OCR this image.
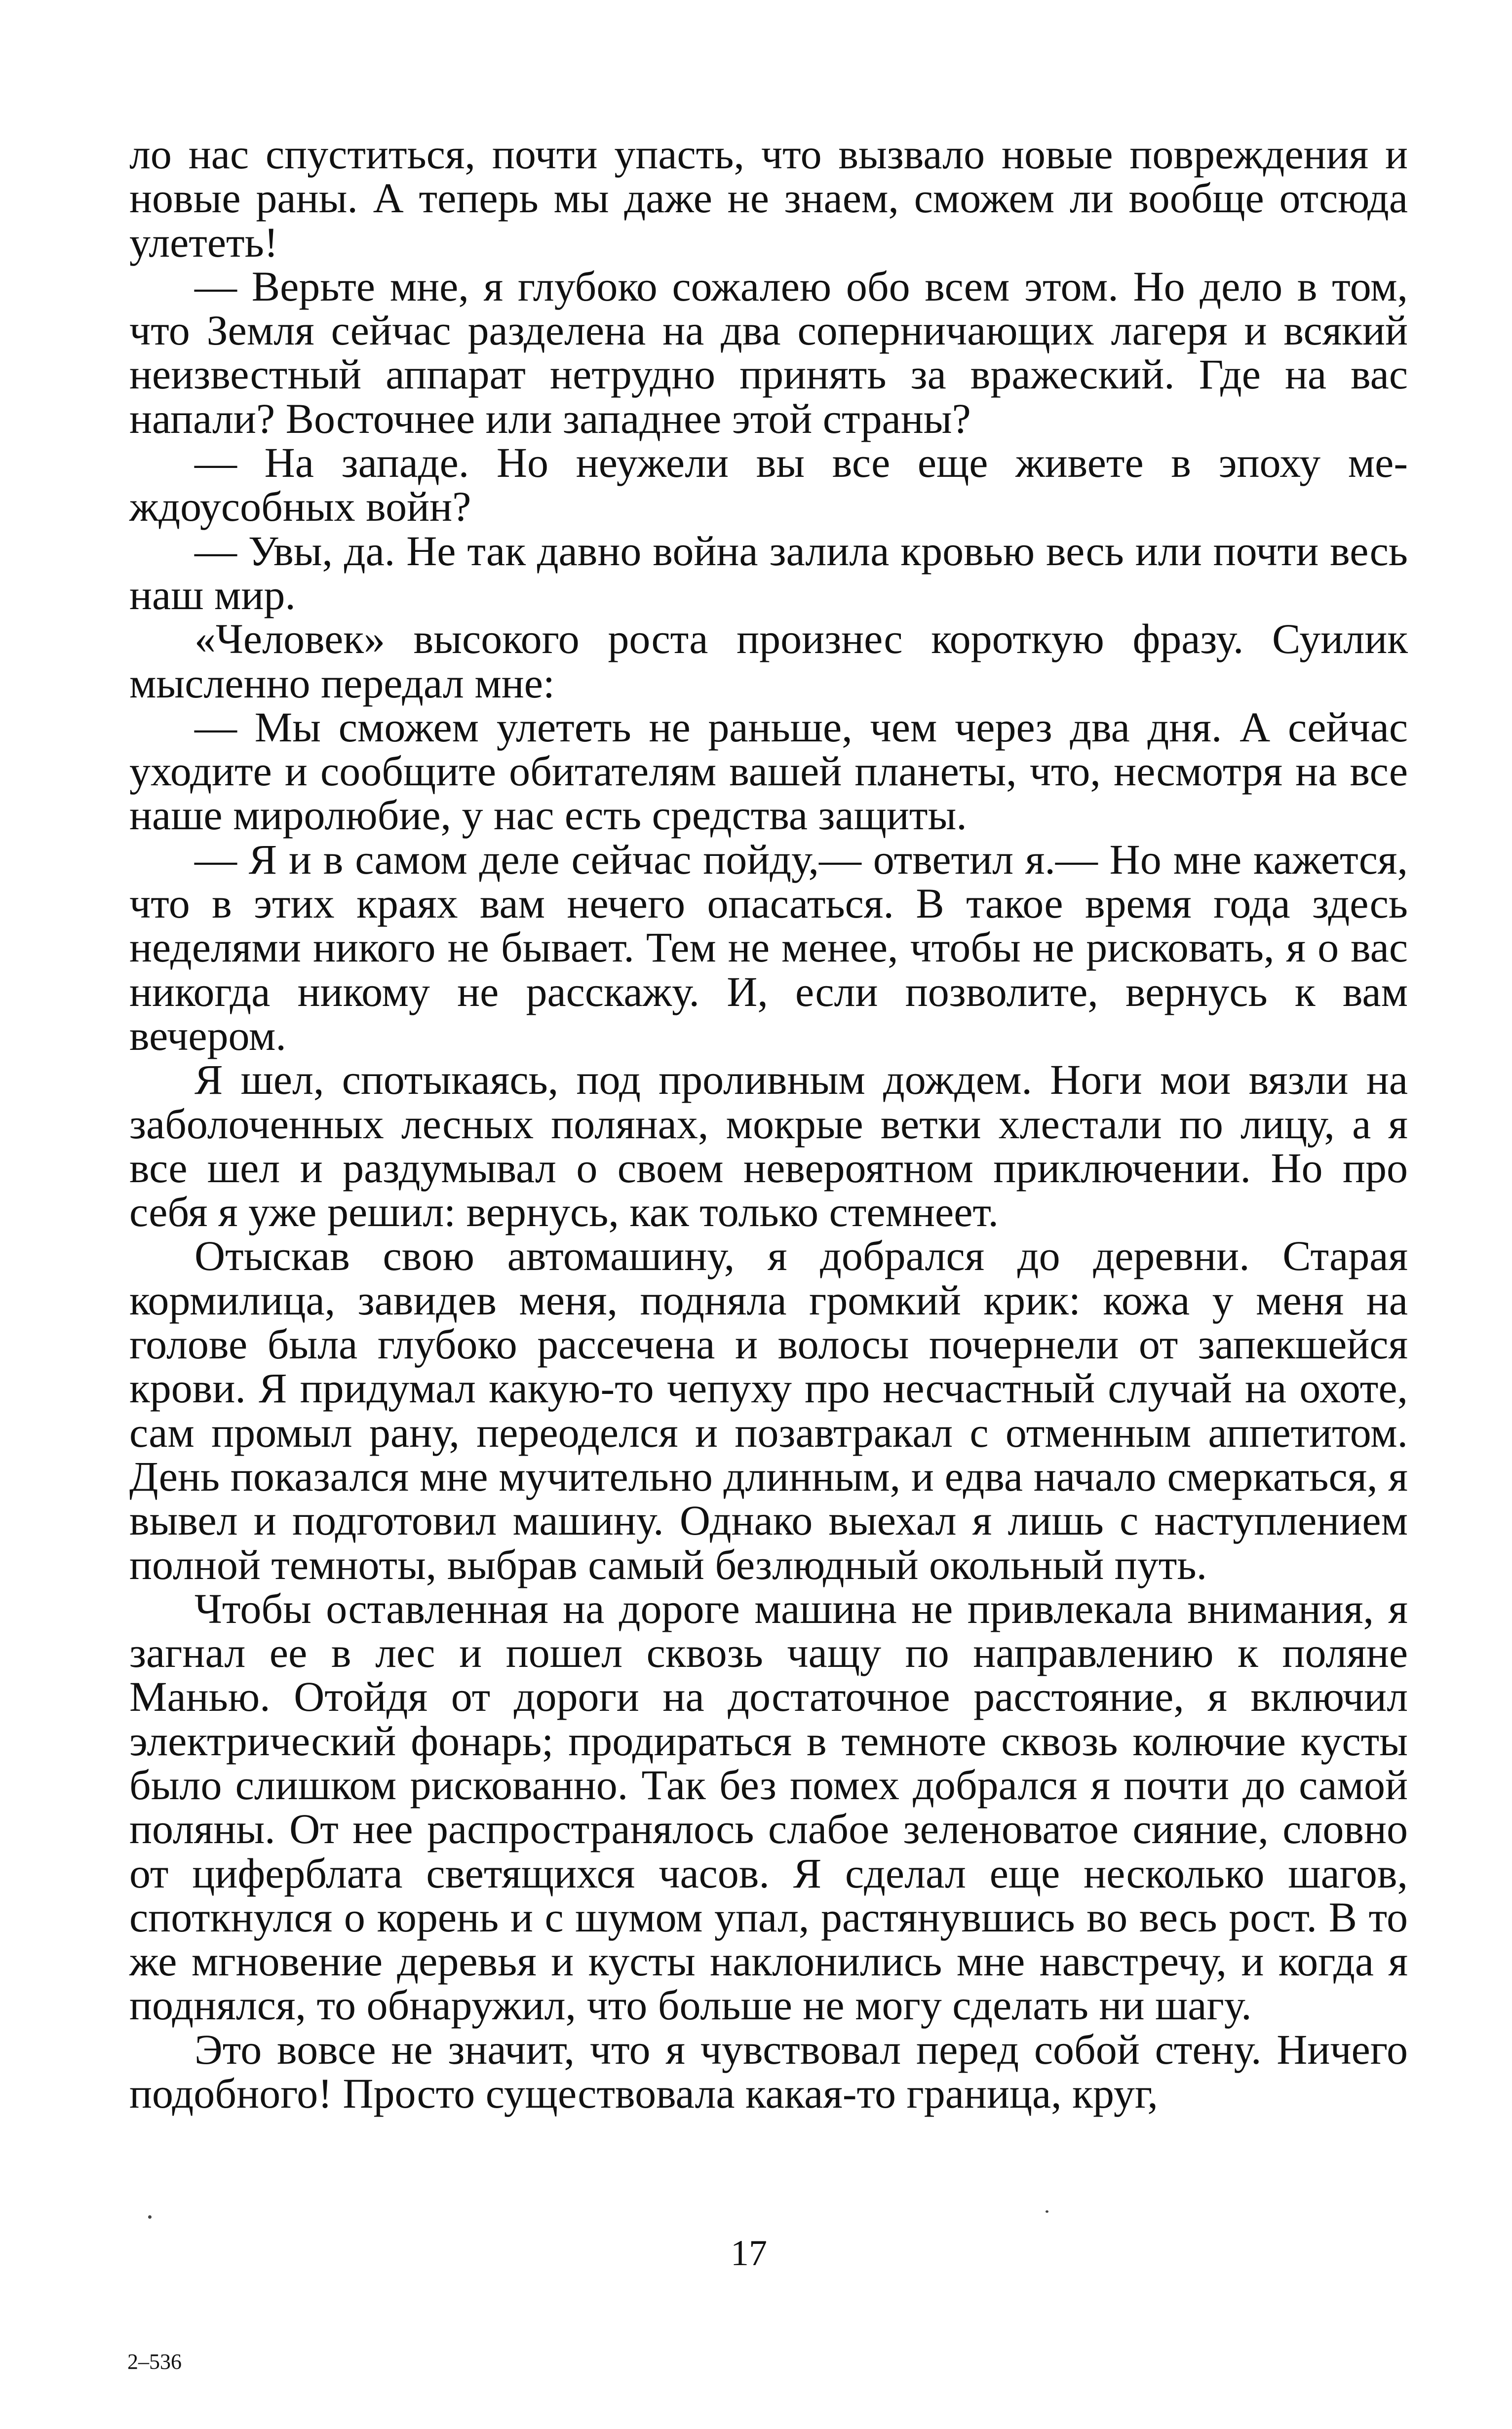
ло нас спуститься, почти упасть, что вызвало новые повреждения и новые раны. А теперь мы даже не знаем, сможем ли вообще отсюда улететь!

— Верьте мне, я глубоко сожалею обо всем этом. Но дело в том, что Земля сейчас разделена на два соперничающих лагеря и всякий неизвестный аппарат нетрудно принять за вражеский. Где на вас напали? Восточнее или западнее этой страны?

— На западе. Но неужели вы все еще живете в эпоху междоусобных войн?

— Увы, да. Не так давно война залила кровью весь или почти весь наш мир.

«Человек» высокого роста произнес короткую фразу. Суилик мысленно передал мне:

— Мы сможем улететь не раньше, чем через два дня. А сейчас уходите и сообщите обитателям вашей планеты, что, несмотря на все наше миролюбие, у нас есть средства защиты.

— Я и в самом деле сейчас пойду,— ответил я.— Но мне кажется, что в этих краях вам нечего опасаться. В такое время года здесь неделями никого не бывает. Тем не менее, чтобы не рисковать, я о вас никогда никому не расскажу. И, если позволите, вернусь к вам вечером.

Я шел, спотыкаясь, под проливным дождем. Ноги мои вязли на заболоченных лесных полянах, мокрые ветки хлестали по лицу, а я все шел и раздумывал о своем невероятном приключении. Но про себя я уже решил: вернусь, как только стемнеет.

Отыскав свою автомашину, я добрался до деревни. Старая кормилица, завидев меня, подняла громкий крик: кожа у меня на голове была глубоко рассечена и волосы почернели от запекшейся крови. Я придумал какую-то чепуху про несчастный случай на охоте, сам промыл рану, переоделся и позавтракал с отменным аппетитом. День показался мне мучительно длинным, и едва начало смеркаться, я вывел и подготовил машину. Однако выехал я лишь с наступлением полной темноты, выбрав самый безлюдный окольный путь.

Чтобы оставленная на дороге машина не привлекала внимания, я загнал ее в лес и пошел сквозь чащу по направлению к поляне Манью. Отойдя от дороги на достаточное расстояние, я включил электрический фонарь; продираться в темноте сквозь колючие кусты было слишком рискованно. Так без помех добрался я почти до самой поляны. От нее распространялось слабое зеленоватое сияние, словно от циферблата светящихся часов. Я сделал еще несколько шагов, споткнулся о корень и с шумом упал, растянувшись во весь рост. В то же мгновение деревья и кусты наклонились мне навстречу, и когда я поднялся, то обнаружил, что больше не могу сделать ни шагу.

Это вовсе не значит, что я чувствовал перед собой стену. Ничего подобного! Просто существовала какая-то граница, круг,

17
2–536
